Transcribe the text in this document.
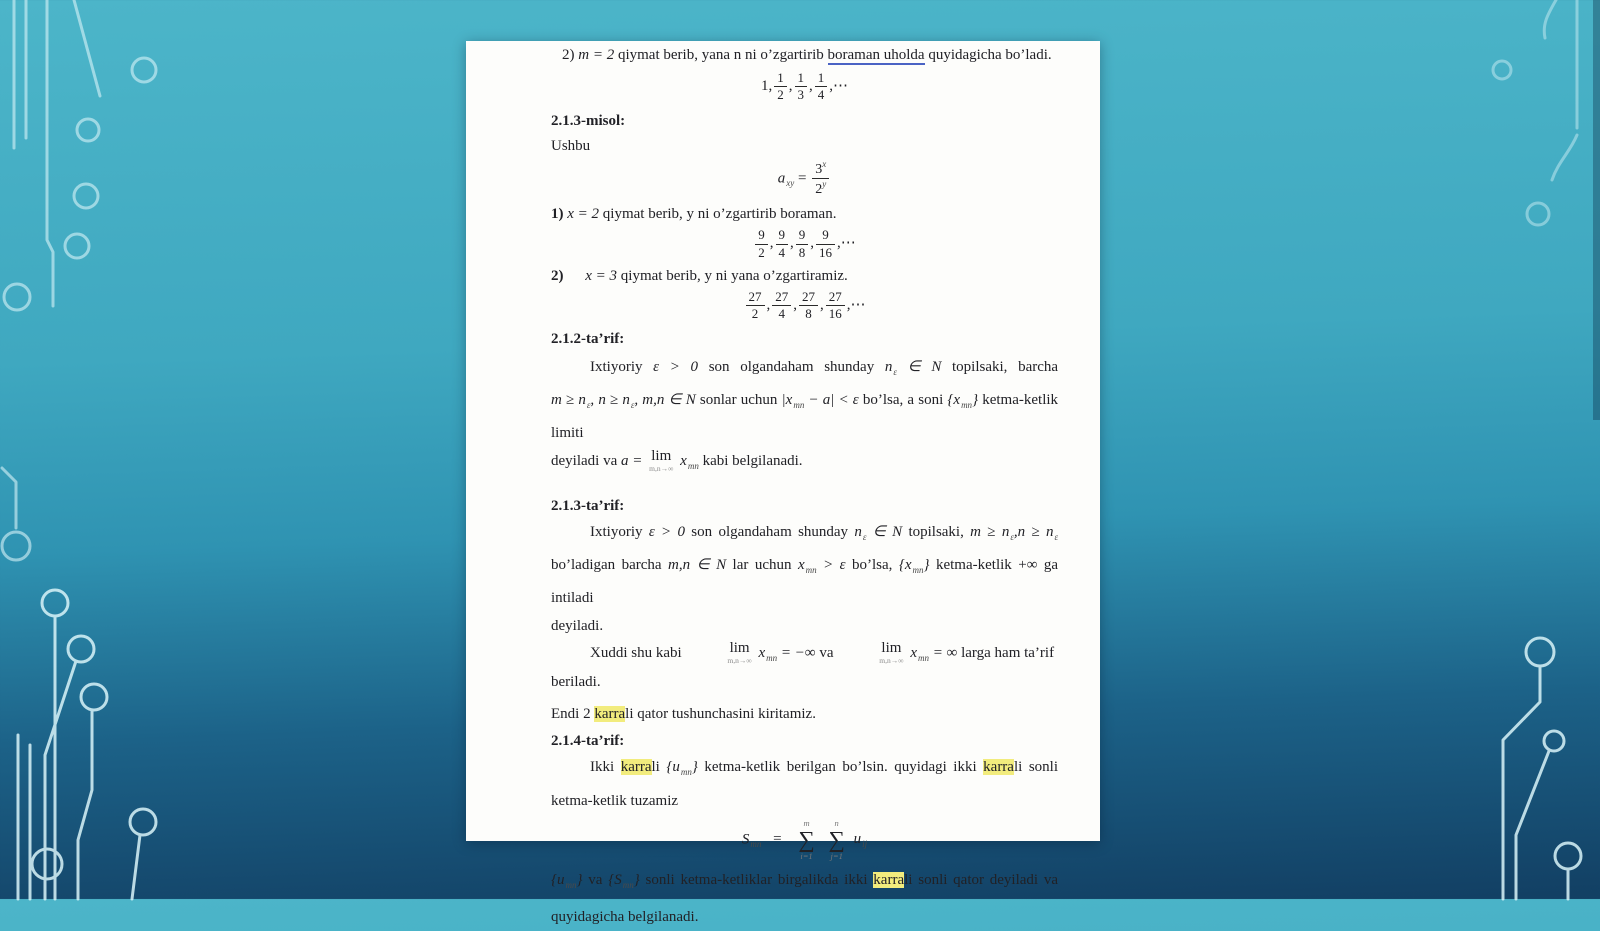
2) m = 2 qiymat berib, yana n ni o’zgartirib boraman uholda quyidagicha bo’ladi.
1, $\frac{1}{2}$ , $\frac{1}{3}$ , $\frac{1}{4}$ ,⋯
2.1.3-misol:
Ushbu
$a_{xy} = \frac{3^x}{2^y}$
1) x = 2 qiymat berib, y ni o’zgartirib boraman.
$\frac{9}{2}$ , $\frac{9}{4}$ , $\frac{9}{8}$ , $\frac{9}{16}$ ,⋯
2) x = 3 qiymat berib, y ni yana o’zgartiramiz.
$\frac{27}{2}$ , $\frac{27}{4}$ , $\frac{27}{8}$ , $\frac{27}{16}$ ,⋯
2.1.2-ta’rif:
Ixtiyoriy ε > 0 son olgandaham shunday $n_\varepsilon$ ∈ N topilsaki, barcha
$m \ge n_\varepsilon$, $n \ge n_\varepsilon$, m,n ∈ N sonlar uchun $|x_{mn} - a| < \varepsilon$ bo’lsa, a soni $\{x_{mn}\}$ ketma-ketlik limiti
deyiladi va a = lim
m,n→∞
$x_{mn}$ kabi belgilanadi.
2.1.3-ta’rif:
Ixtiyoriy ε > 0 son olgandaham shunday $n_\varepsilon$ ∈ N topilsaki, $m \ge n_\varepsilon,n \ge n_\varepsilon$
bo’ladigan barcha m,n ∈ N lar uchun $x_{mn} > \varepsilon$ bo’lsa, $\{x_{mn}\}$ ketma-ketlik +∞ ga intiladi
deyiladi.
Xuddi shu kabi	lim
m,n→∞
$x_{mn}$ = −∞ va	lim
m,n→∞
$x_{mn}$ = ∞ larga ham ta’rif beriladi.
Endi 2 karrali qator tushunchasini kiritamiz.
2.1.4-ta’rif:
Ikki karrali $\{u_{mn}\}$ ketma-ketlik berilgan bo’lsin. quyidagi ikki karrali sonli
ketma-ketlik tuzamiz
$S_{mn}$ =
m
∑
i=1

n
∑
j=1
$u_{ij}$
$\{u_{mn}\}$ va $\{S_{mn}\}$ sonli ketma-ketliklar birgalikda ikki karrali sonli qator deyiladi va
quyidagicha belgilanadi.
